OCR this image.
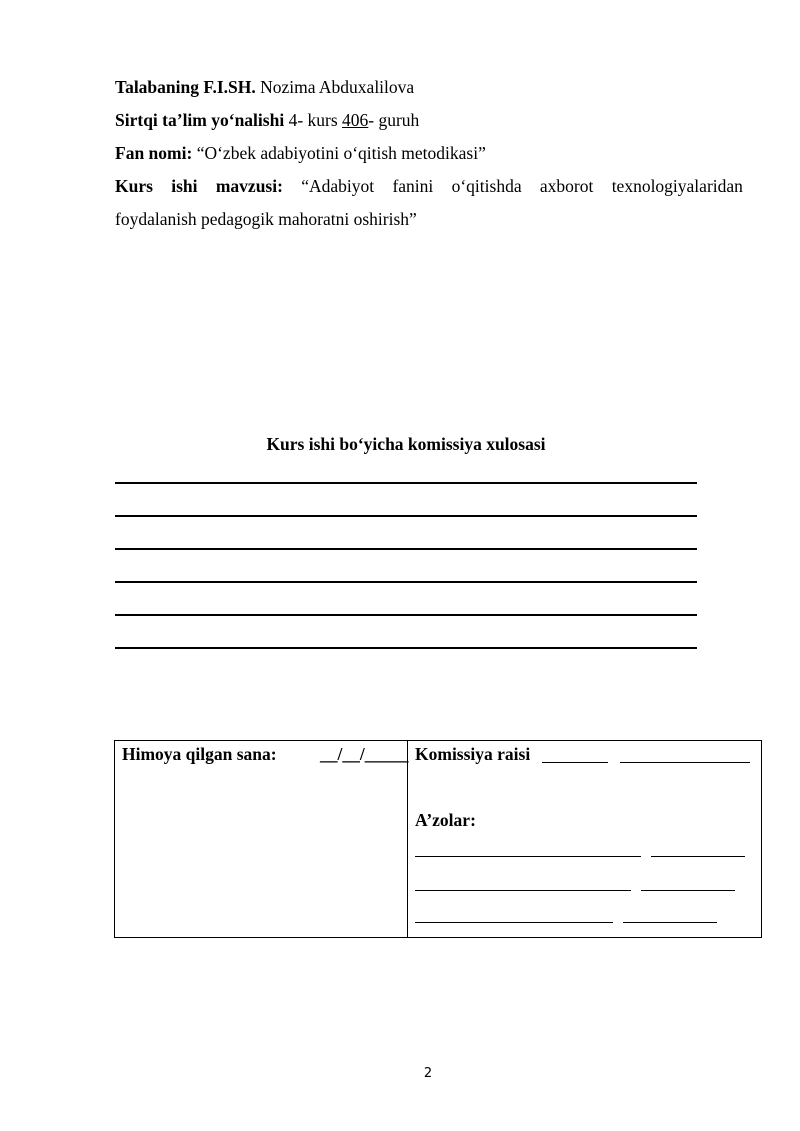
Talabaning F.I.SH. Nozima Abduxalilova
Sirtqi ta’lim yo‘nalishi 4- kurs 406- guruh
Fan nomi: “O‘zbek adabiyotini o‘qitish metodikasi”
Kurs ishi mavzusi: “Adabiyot fanini o‘qitishda axborot texnologiyalaridan
foydalanish pedagogik mahoratni oshirish”
Kurs ishi bo‘yicha komissiya xulosasi
Himoya qilgan sana: __/__/_____	Komissiya raisi
A’zolar:
2
